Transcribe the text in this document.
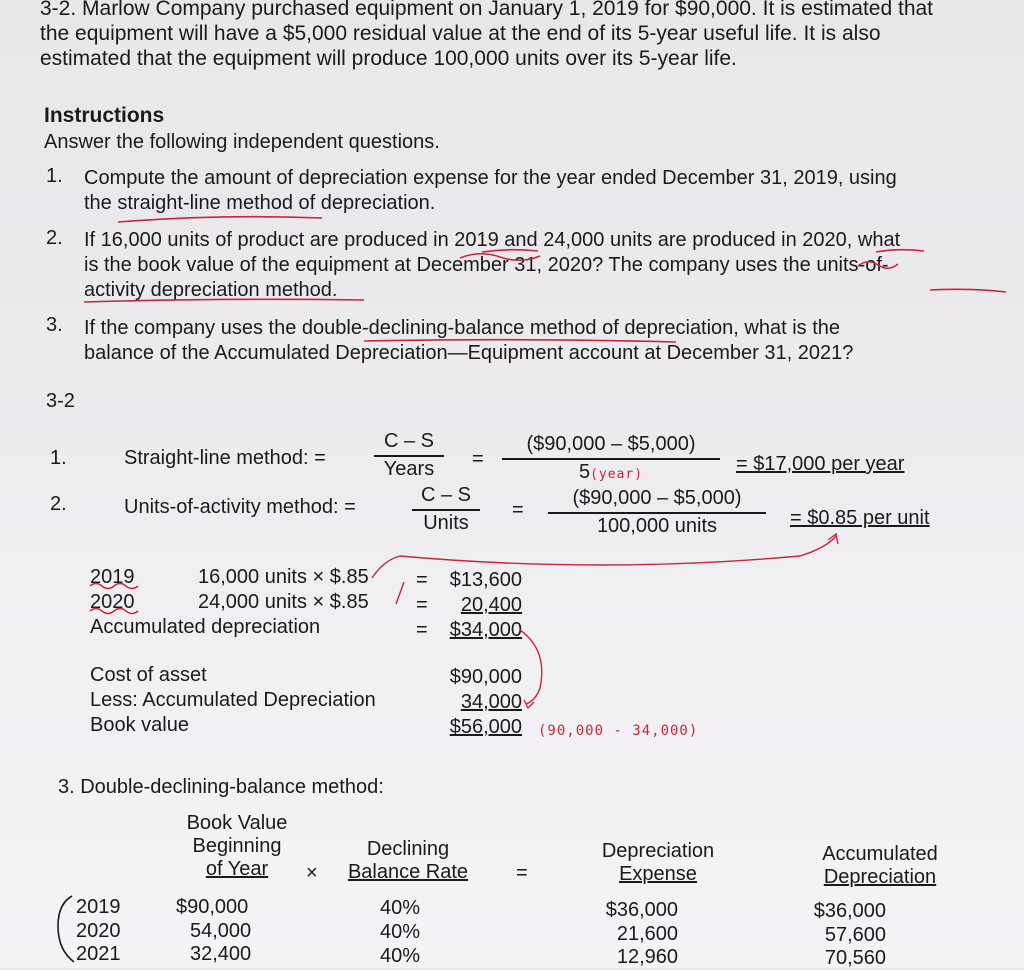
3-2. Marlow Company purchased equipment on January 1, 2019 for $90,000. It is estimated that
the equipment will have a $5,000 residual value at the end of its 5-year useful life. It is also
estimated that the equipment will produce 100,000 units over its 5-year life.
Instructions
Answer the following independent questions.
1. Compute the amount of depreciation expense for the year ended December 31, 2019, using
the straight-line method of depreciation.
2. If 16,000 units of product are produced in 2019 and 24,000 units are produced in 2020, what
is the book value of the equipment at December 31, 2020? The company uses the units-of-
activity depreciation method.
3. If the company uses the double-declining-balance method of depreciation, what is the
balance of the Accumulated Depreciation—Equipment account at December 31, 2021?
3-2
1.	Straight-line method: =
C – S
Years	=
($90,000 – $5,000)
5(year)	= $17,000 per year
2.	Units-of-activity method: =
C – S
Units
=
($90,000 – $5,000)
100,000 units	= $0.85 per unit
2019	16,000 units × $.85 =	$13,600
2020	24,000 units × $.85 =	20,400
Accumulated depreciation	=	$34,000
Cost of asset	$90,000
Less: Accumulated Depreciation	34,000
Book value	$56,000 (90,000 - 34,000)
3. Double-declining-balance method:
Book Value
Beginning
of Year	×
Declining
Balance Rate	=
Depreciation
Expense
Accumulated
Depreciation
2019	$90,000	40%	$36,000	$36,000
2020	54,000	40%	21,600	57,600
2021	32,400	40%	12,960	70,560
